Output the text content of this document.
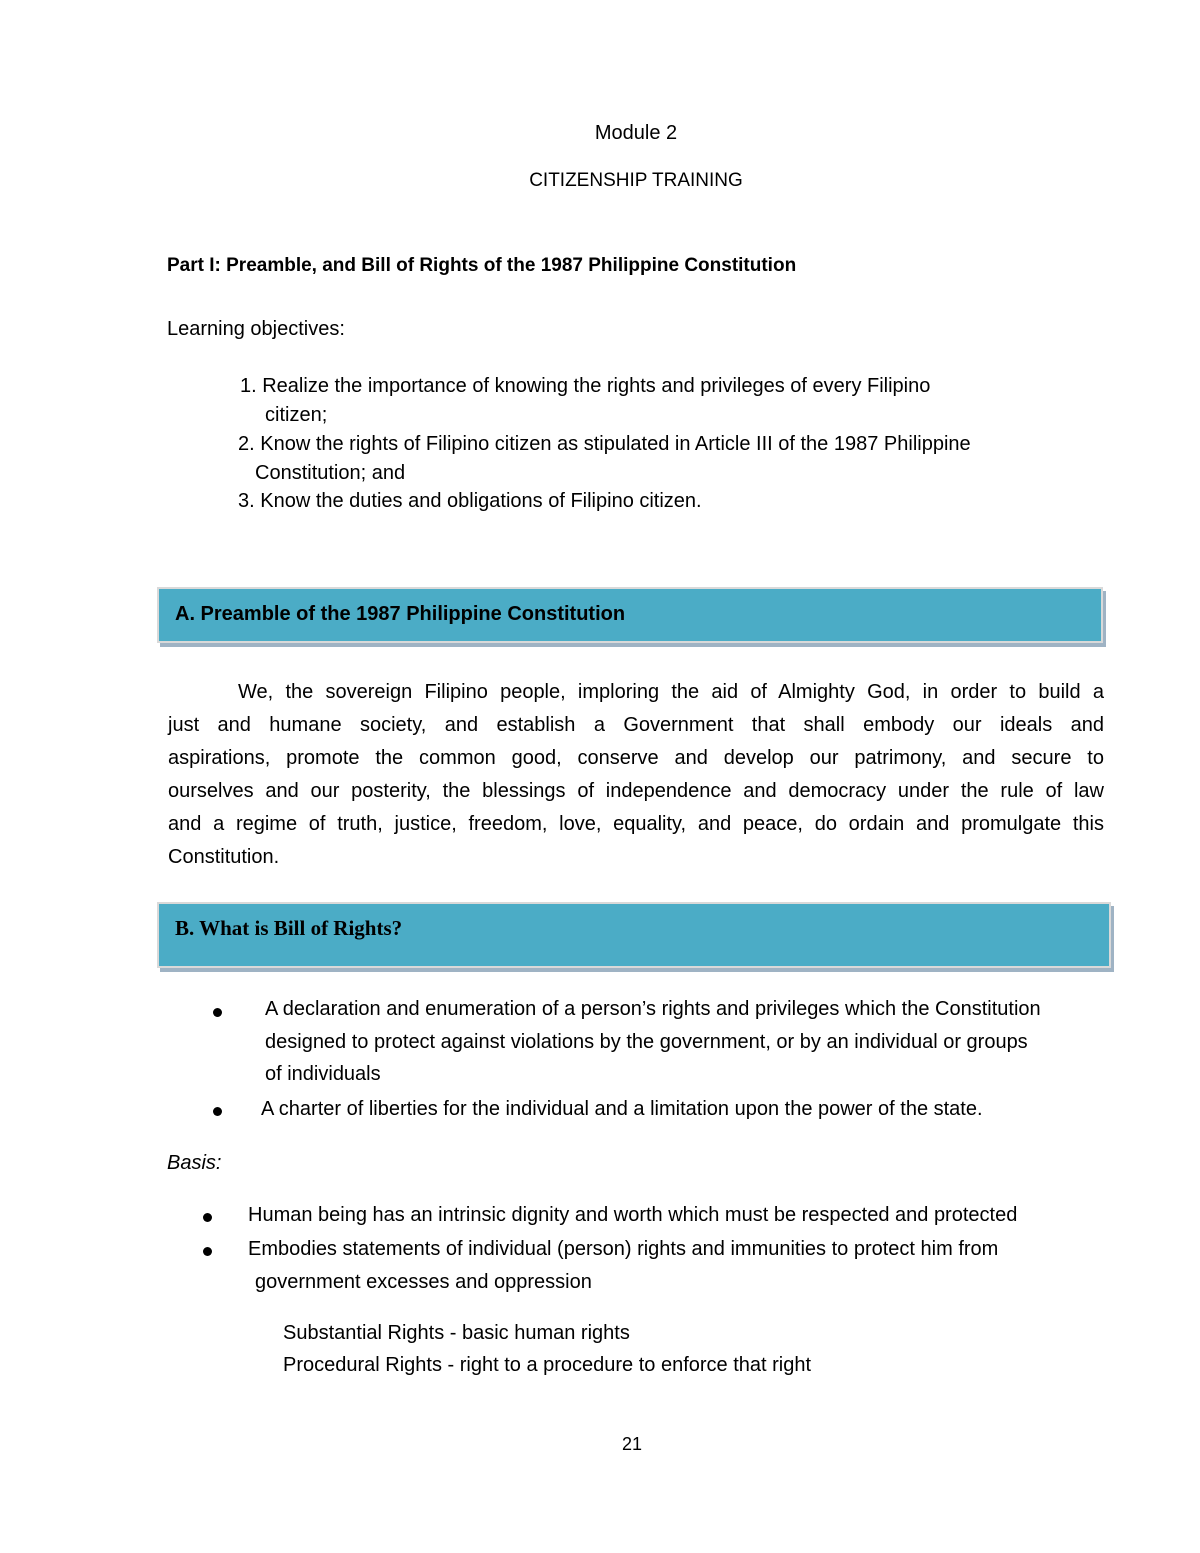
Module 2

CITIZENSHIP TRAINING

Part I: Preamble, and Bill of Rights of the 1987 Philippine Constitution

Learning objectives:

1. Realize the importance of knowing the rights and privileges of every Filipino

citizen;

2. Know the rights of Filipino citizen as stipulated in Article III of the 1987 Philippine

Constitution; and

3. Know the duties and obligations of Filipino citizen.

A. Preamble of the 1987 Philippine Constitution
We, the sovereign Filipino people, imploring the aid of Almighty God, in order to build a
just and humane society, and establish a Government that shall embody our ideals and
aspirations, promote the common good, conserve and develop our patrimony, and secure to
ourselves and our posterity, the blessings of independence and democracy under the rule of law
and a regime of truth, justice, freedom, love, equality, and peace, do ordain and promulgate this
Constitution.
B. What is Bill of Rights?

A declaration and enumeration of a person’s rights and privileges which the Constitution

designed to protect against violations by the government, or by an individual or groups

of individuals

A charter of liberties for the individual and a limitation upon the power of the state.

Basis:

Human being has an intrinsic dignity and worth which must be respected and protected

Embodies statements of individual (person) rights and immunities to protect him from

government excesses and oppression

Substantial Rights - basic human rights

Procedural Rights - right to a procedure to enforce that right

21
